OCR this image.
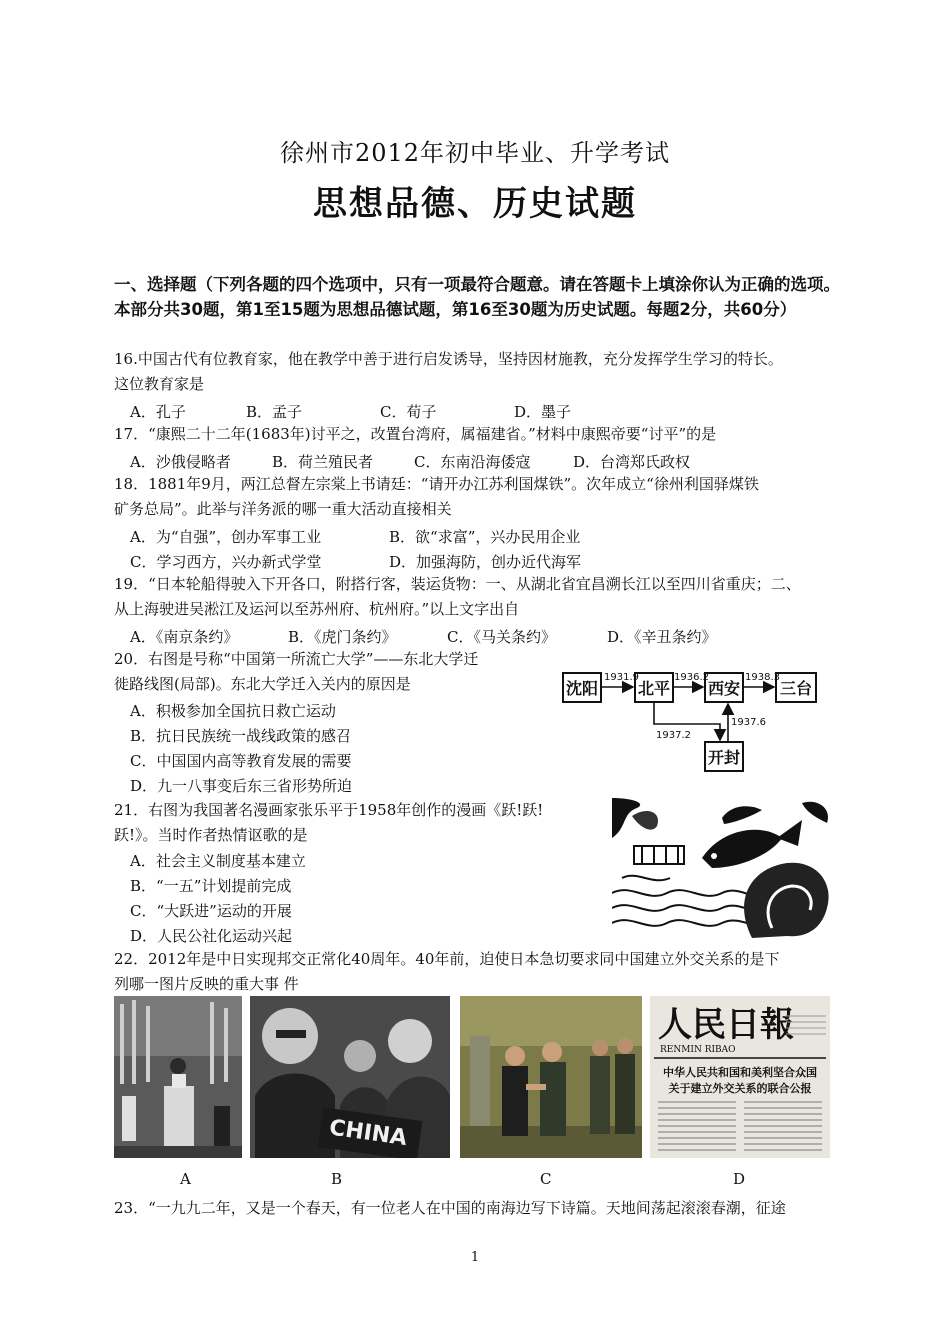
徐州市2012年初中毕业、升学考试
思想品德、历史试题
一、选择题（下列各题的四个选项中，只有一项最符合题意。请在答题卡上填涂你认为正确的选项。本部分共30题，第1至15题为思想品德试题，第16至30题为历史试题。每题2分，共60分）
16.中国古代有位教育家，他在教学中善于进行启发诱导，坚持因材施教，充分发挥学生学习的特长。
这位教育家是
A．孔子	B．孟子	C．荀子	D．墨子
17．“康熙二十二年(1683年)讨平之，改置台湾府，属福建省。”材料中康熙帝要“讨平”的是
A．沙俄侵略者	B．荷兰殖民者	C．东南沿海倭寇	D．台湾郑氏政权
18．1881年9月，两江总督左宗棠上书请廷：“请开办江苏利国煤铁”。次年成立“徐州利国驿煤铁
矿务总局”。此举与洋务派的哪一重大活动直接相关
A．为“自强”，创办军事工业	B．欲“求富”，兴办民用企业
C．学习西方，兴办新式学堂	D．加强海防，创办近代海军
19．“日本轮船得驶入下开各口，附搭行客，装运货物：一、从湖北省宜昌溯长江以至四川省重庆；二、
从上海驶进吴淞江及运河以至苏州府、杭州府。”以上文字出自
A．《南京条约》	B．《虎门条约》	C．《马关条约》	D．《辛丑条约》
20．右图是号称“中国第一所流亡大学”——东北大学迁
徙路线图(局部)。东北大学迁入关内的原因是
A．积极参加全国抗日救亡运动
B．抗日民族统一战线政策的感召
C．中国国内高等教育发展的需要
D．九一八事变后东三省形势所迫
沈阳 北平 西安 三台
开封
1931.9	1936.2	1938.3
1937.2
1937.6
21．右图为我国著名漫画家张乐平于1958年创作的漫画《跃!跃!
跃!》。当时作者热情讴歌的是
A．社会主义制度基本建立
B．“一五”计划提前完成
C．“大跃进”运动的开展
D．人民公社化运动兴起
22．2012年是中日实现邦交正常化40周年。40年前，迫使日本急切要求同中国建立外交关系的是下
列哪一图片反映的重大事 件
CHINA
人民日報
RENMIN RIBAO
中华人民共和国和美利坚合众国
关于建立外交关系的联合公报
A	B	C	D
23．“一九九二年，又是一个春天，有一位老人在中国的南海边写下诗篇。天地间荡起滚滚春潮，征途
1
